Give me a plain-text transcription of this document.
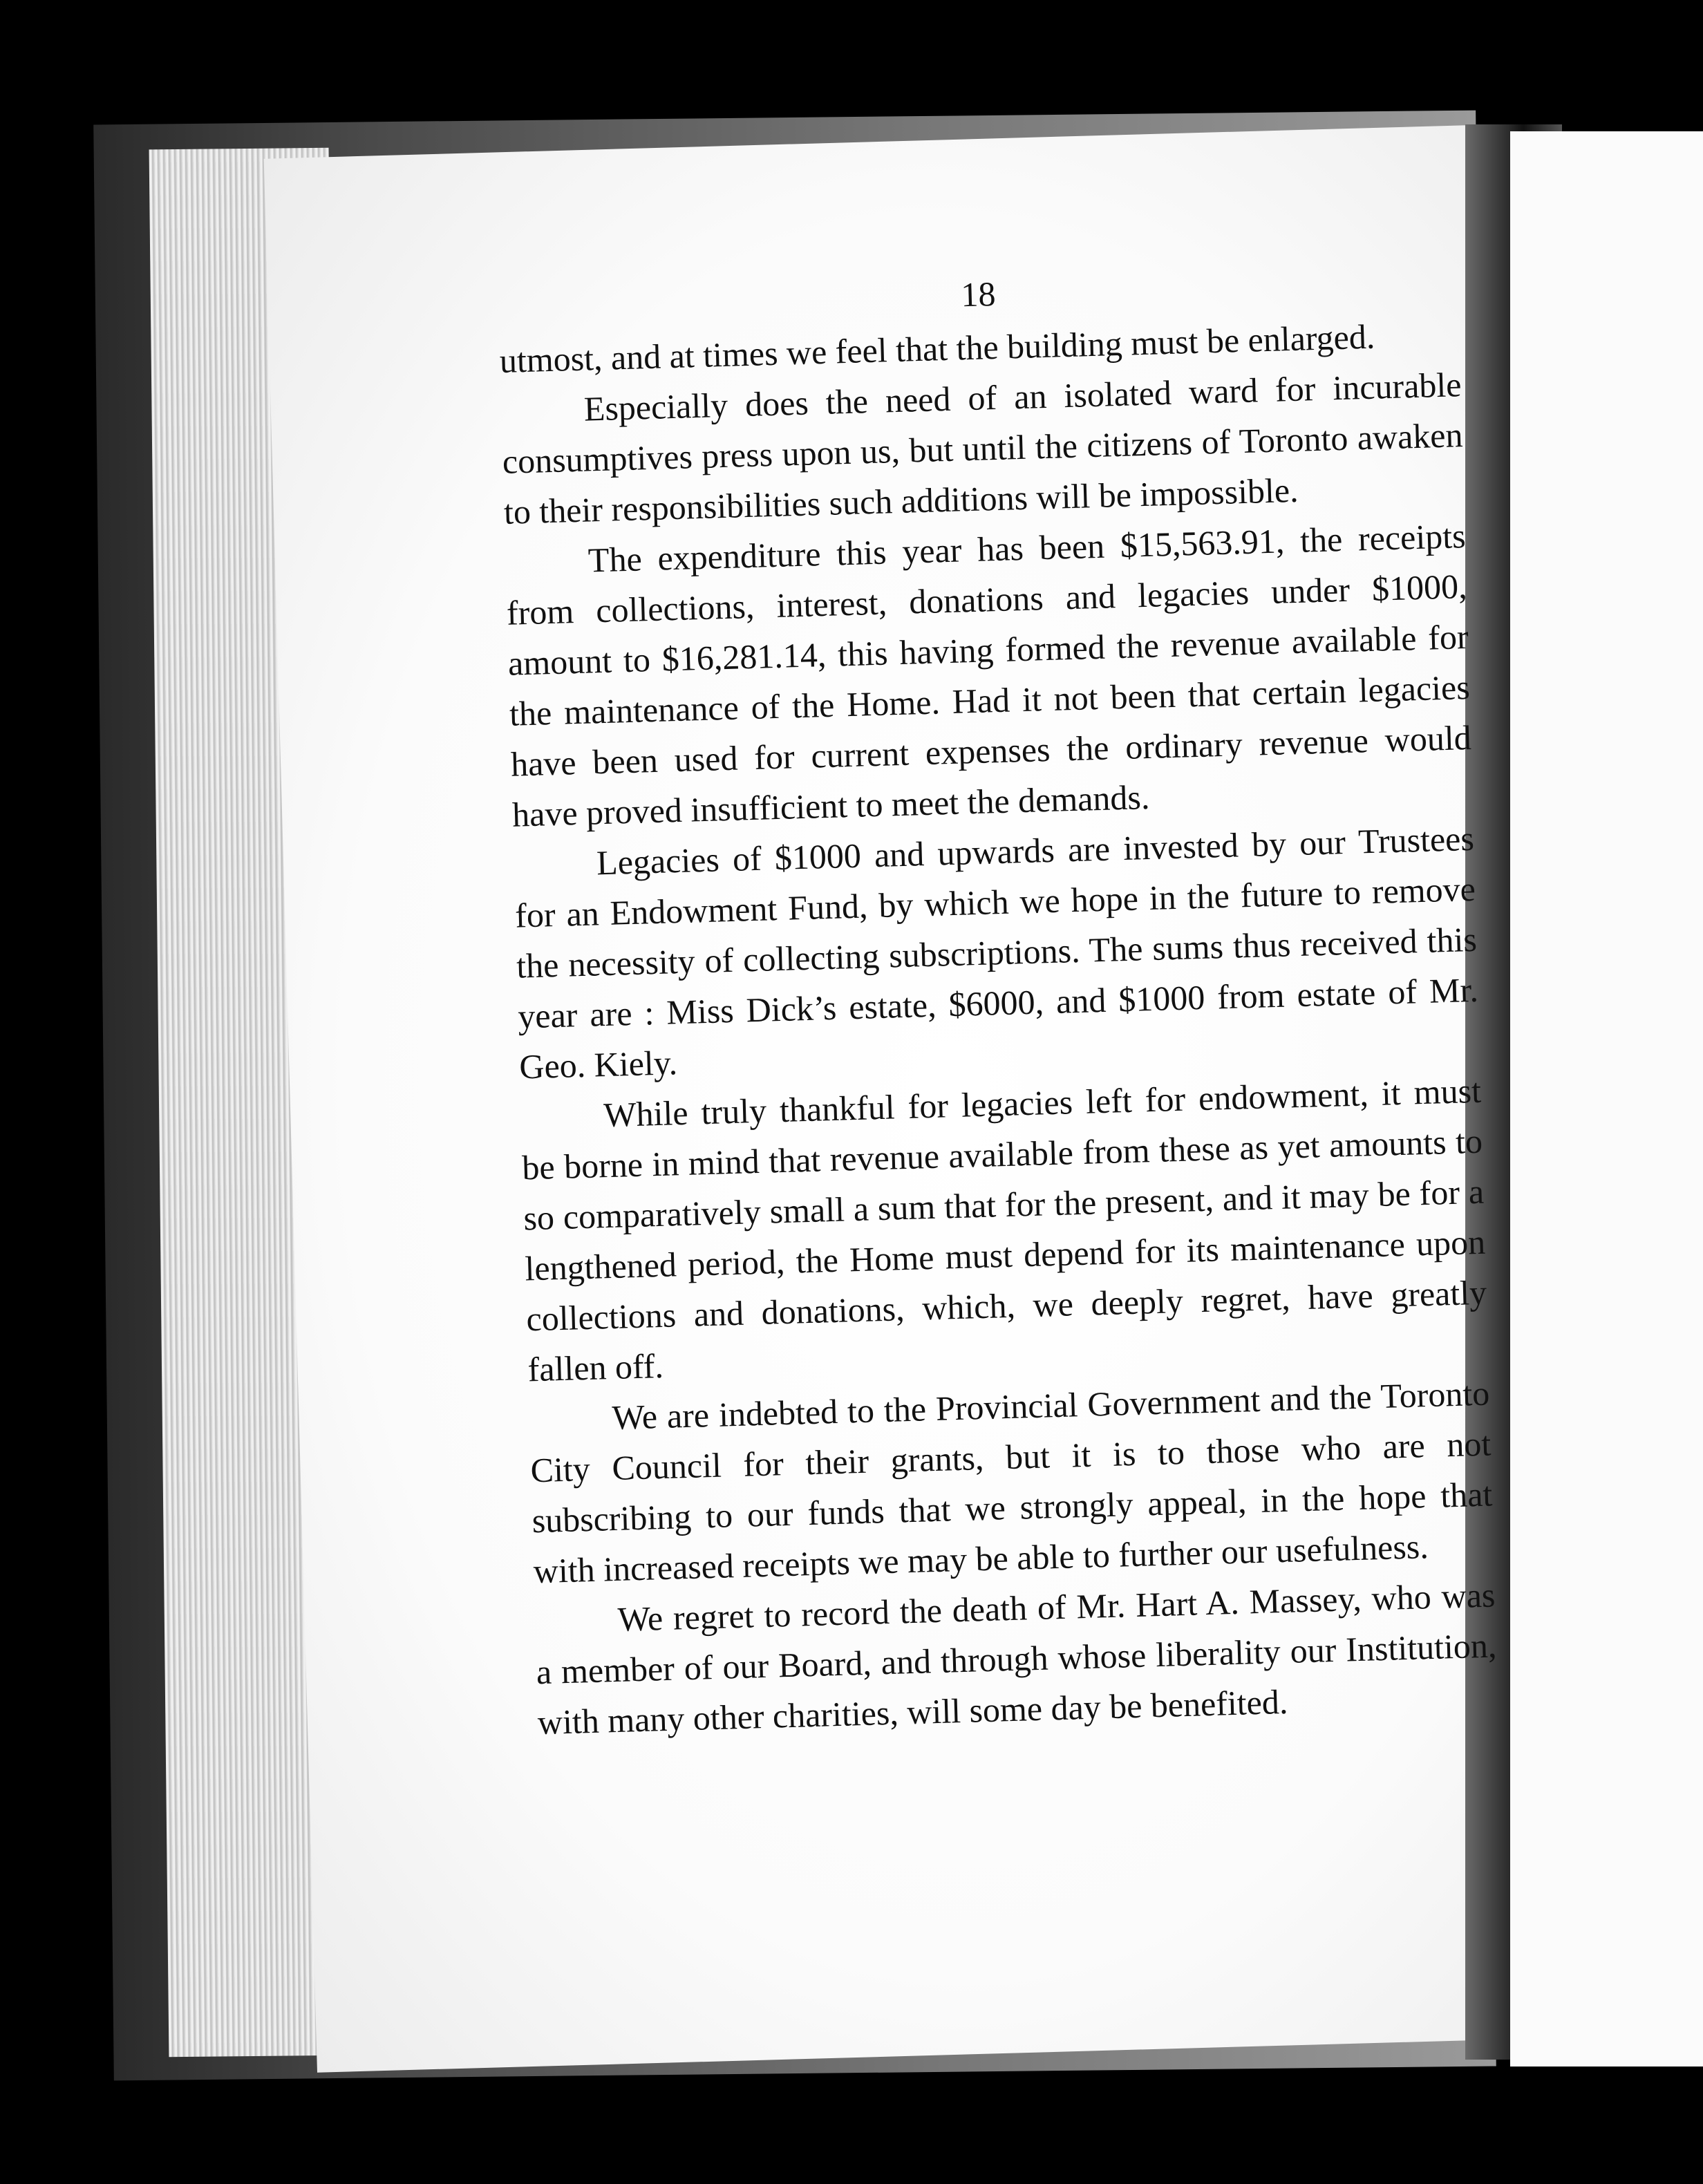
18

utmost, and at times we feel that the building must be enlarged.

Especially does the need of an isolated ward for incurable consumptives press upon us, but until the citizens of Toronto awaken to their responsibilities such additions will be impossible.

The expenditure this year has been $15,563.91, the receipts from collections, interest, donations and legacies under $1000, amount to $16,281.14, this having formed the revenue available for the maintenance of the Home. Had it not been that certain legacies have been used for current expenses the ordinary revenue would have proved insufficient to meet the demands.

Legacies of $1000 and upwards are invested by our Trustees for an Endowment Fund, by which we hope in the future to remove the necessity of collecting subscriptions. The sums thus received this year are : Miss Dick’s estate, $6000, and $1000 from estate of Mr. Geo. Kiely.

While truly thankful for legacies left for endowment, it must be borne in mind that revenue available from these as yet amounts to so comparatively small a sum that for the present, and it may be for a lengthened period, the Home must depend for its maintenance upon collections and donations, which, we deeply regret, have greatly fallen off.

We are indebted to the Provincial Government and the Toronto City Council for their grants, but it is to those who are not subscribing to our funds that we strongly appeal, in the hope that with increased receipts we may be able to further our usefulness.

We regret to record the death of Mr. Hart A. Massey, who was a member of our Board, and through whose liberality our Institution, with many other charities, will some day be benefited.
